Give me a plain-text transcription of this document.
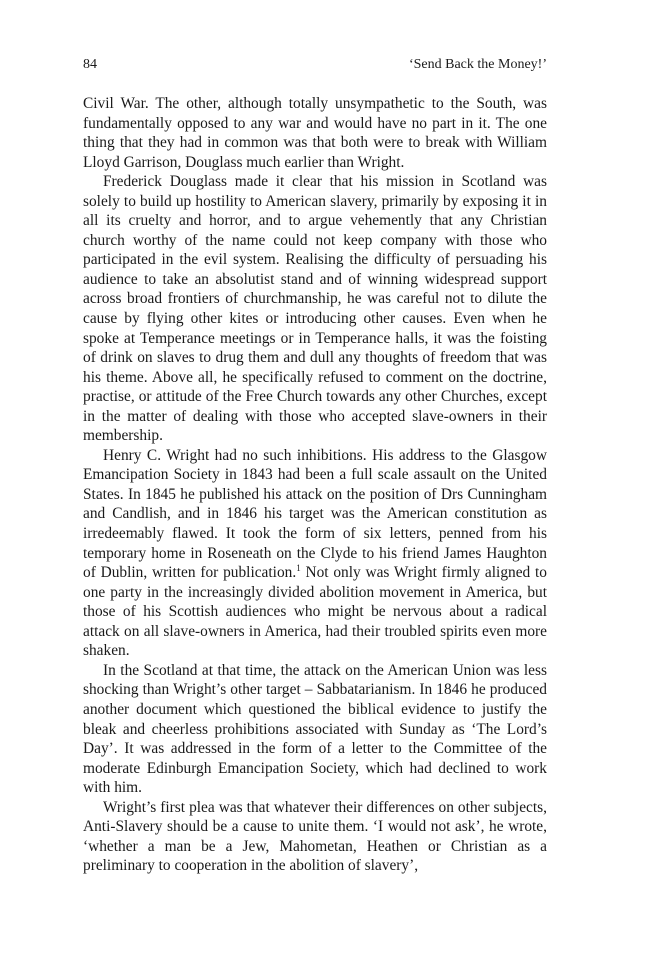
84	‘Send Back the Money!’

Civil War. The other, although totally unsympathetic to the South, was fundamentally opposed to any war and would have no part in it. The one thing that they had in common was that both were to break with William Lloyd Garrison, Douglass much earlier than Wright.

Frederick Douglass made it clear that his mission in Scotland was solely to build up hostility to American slavery, primarily by exposing it in all its cruelty and horror, and to argue vehemently that any Christian church worthy of the name could not keep company with those who participated in the evil system. Realising the difficulty of persuading his audience to take an absolutist stand and of winning widespread support across broad frontiers of churchmanship, he was careful not to dilute the cause by flying other kites or introducing other causes. Even when he spoke at Temperance meetings or in Temperance halls, it was the foisting of drink on slaves to drug them and dull any thoughts of freedom that was his theme. Above all, he specifically refused to comment on the doctrine, practise, or attitude of the Free Church towards any other Churches, except in the matter of dealing with those who accepted slave-owners in their membership.

Henry C. Wright had no such inhibitions. His address to the Glasgow Emancipation Society in 1843 had been a full scale assault on the United States. In 1845 he published his attack on the position of Drs Cunningham and Candlish, and in 1846 his target was the American constitution as irredeemably flawed. It took the form of six letters, penned from his temporary home in Roseneath on the Clyde to his friend James Haughton of Dublin, written for publication.$^1$ Not only was Wright firmly aligned to one party in the increasingly divided abolition movement in America, but those of his Scottish audiences who might be nervous about a radical attack on all slave-owners in America, had their troubled spirits even more shaken.

In the Scotland at that time, the attack on the American Union was less shocking than Wright’s other target – Sabbatarianism. In 1846 he produced another document which questioned the biblical evidence to justify the bleak and cheerless prohibitions associated with Sunday as ‘The Lord’s Day’. It was addressed in the form of a letter to the Committee of the moderate Edinburgh Emancipation Society, which had declined to work with him.

Wright’s first plea was that whatever their differences on other subjects, Anti-Slavery should be a cause to unite them. ‘I would not ask’, he wrote, ‘whether a man be a Jew, Mahometan, Heathen or Christian as a preliminary to cooperation in the abolition of slavery’,
